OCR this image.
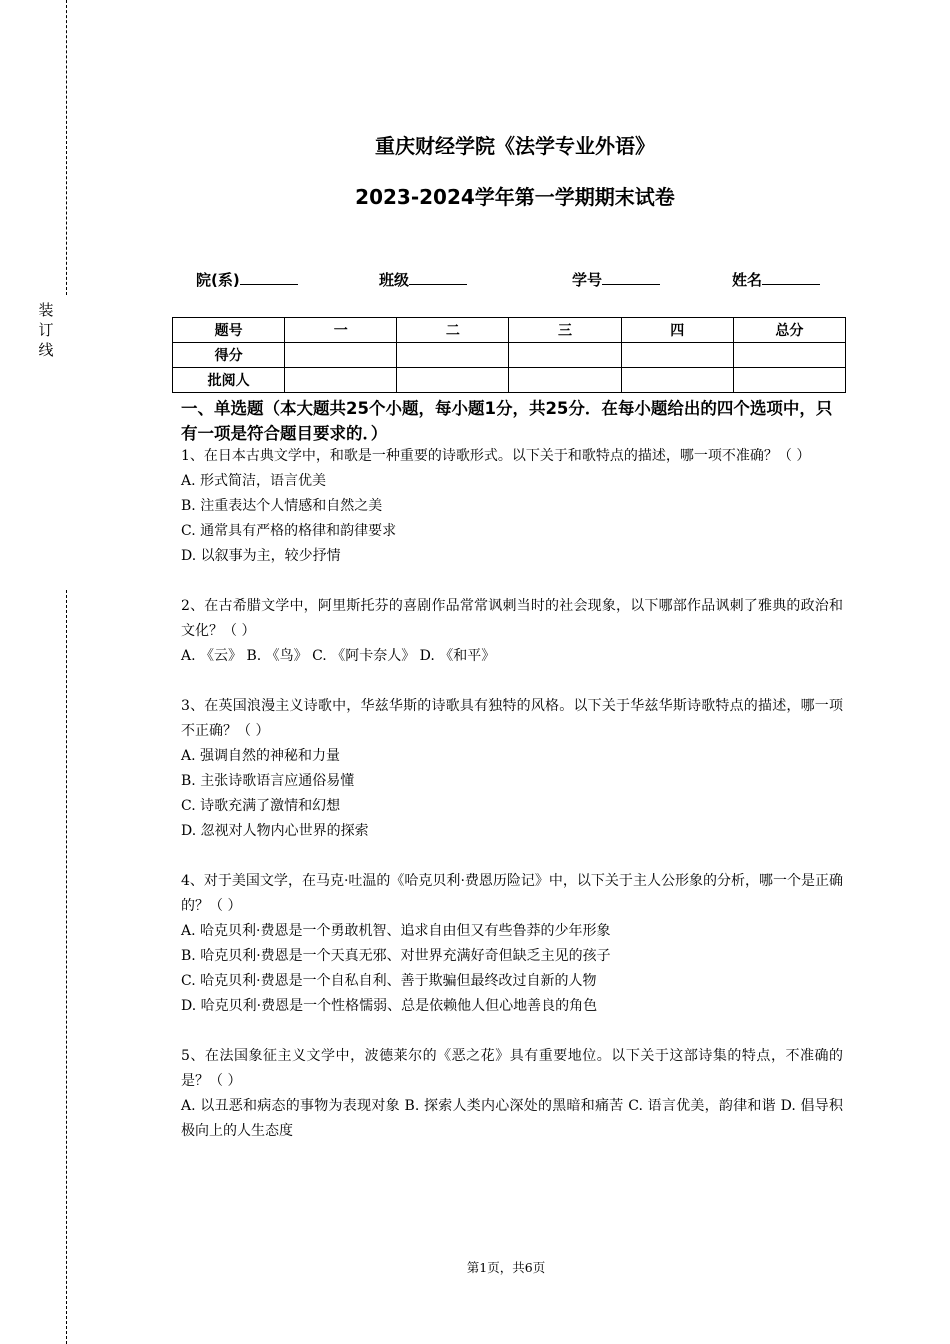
装
订
线
重庆财经学院《法学专业外语》
2023-2024学年第一学期期末试卷
院(系)	班级	学号	姓名
题号	一	二	三	四	总分
得分					
批阅人					
一、单选题（本大题共25个小题，每小题1分，共25分．在每小题给出的四个选项中，只有一项是符合题目要求的．）
1、在日本古典文学中，和歌是一种重要的诗歌形式。以下关于和歌特点的描述，哪一项不准确？（ ）
A. 形式简洁，语言优美
B. 注重表达个人情感和自然之美
C. 通常具有严格的格律和韵律要求
D. 以叙事为主，较少抒情
2、在古希腊文学中，阿里斯托芬的喜剧作品常常讽刺当时的社会现象，以下哪部作品讽刺了雅典的政治和文化？（ ）
A. 《云》 B. 《鸟》 C. 《阿卡奈人》 D. 《和平》
3、在英国浪漫主义诗歌中，华兹华斯的诗歌具有独特的风格。以下关于华兹华斯诗歌特点的描述，哪一项不正确？（ ）
A. 强调自然的神秘和力量
B. 主张诗歌语言应通俗易懂
C. 诗歌充满了激情和幻想
D. 忽视对人物内心世界的探索
4、对于美国文学，在马克·吐温的《哈克贝利·费恩历险记》中，以下关于主人公形象的分析，哪一个是正确的？（ ）
A. 哈克贝利·费恩是一个勇敢机智、追求自由但又有些鲁莽的少年形象
B. 哈克贝利·费恩是一个天真无邪、对世界充满好奇但缺乏主见的孩子
C. 哈克贝利·费恩是一个自私自利、善于欺骗但最终改过自新的人物
D. 哈克贝利·费恩是一个性格懦弱、总是依赖他人但心地善良的角色
5、在法国象征主义文学中，波德莱尔的《恶之花》具有重要地位。以下关于这部诗集的特点，不准确的是？（ ）
A. 以丑恶和病态的事物为表现对象 B. 探索人类内心深处的黑暗和痛苦 C. 语言优美，韵律和谐 D. 倡导积极向上的人生态度
第1页，共6页
